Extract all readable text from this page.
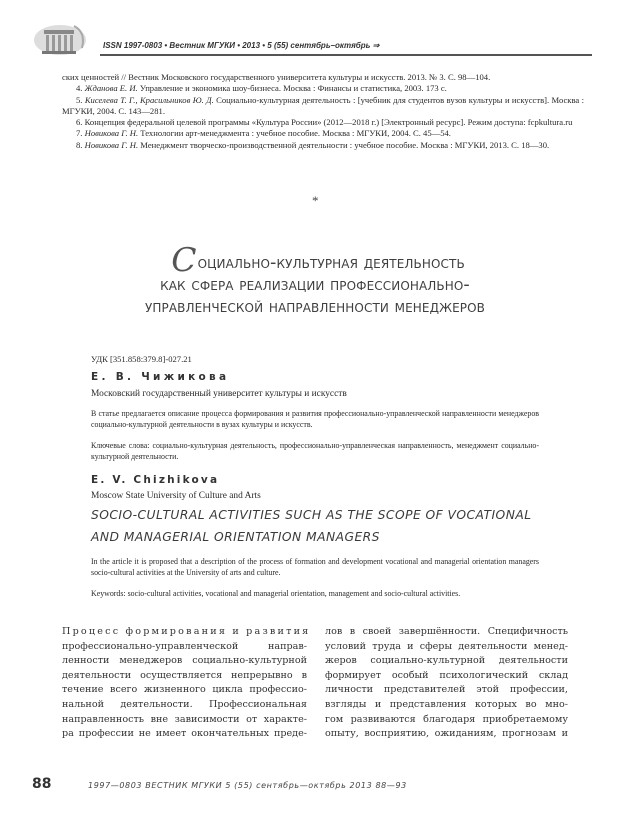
ISSN 1997-0803 • Вестник МГУКИ • 2013 • 5 (55) сентябрь–октябрь ⇒

ских ценностей // Вестник Московского государственного университета культуры и искусств. 2013. № 3. С. 98—104.

4. Жданова Е. И. Управление и экономика шоу-бизнеса. Москва : Финансы и статистика, 2003. 173 с.

5. Киселева Т. Г., Красильников Ю. Д. Социально-культурная деятельность : [учебник для студентов вузов культуры и искусств]. Москва : МГУКИ, 2004. С. 143—281.

6. Концепция федеральной целевой программы «Культура России» (2012—2018 г.) [Электронный ресурс]. Режим доступа: fcpkultura.ru

7. Новикова Г. Н. Технологии арт-менеджмента : учебное пособие. Москва : МГУКИ, 2004. С. 45—54.

8. Новикова Г. Н. Менеджмент творческо-производственной деятельности : учебное пособие. Москва : МГУКИ, 2013. С. 18—30.

*
Социально-культурная деятельность
как сфера реализации профессионально-
управленческой направленности менеджеров
УДК [351.858:379.8]-027.21
Е. В. Чижикова
Московский государственный университет культуры и искусств
В статье предлагается описание процесса формирования и развития профессионально-управленческой направленности менеджеров социально-культурной деятельности в вузах культуры и искусств.
Ключевые слова: социально-культурная деятельность, профессионально-управленческая направленность, менеджмент социально-культурной деятельности.
E. V. Chizhikova
Moscow State University of Culture and Arts
SOCIO-CULTURAL ACTIVITIES SUCH AS THE SCOPE OF VOCATIONAL AND MANAGERIAL ORIENTATION MANAGERS
In the article it is proposed that a description of the process of formation and development vocational and managerial orientation managers socio-cultural activities at the University of arts and culture.
Keywords: socio-cultural activities, vocational and managerial orientation, management and socio-cultural activities.
Процесс формирования и развития
профессионально-управленческой направ-
ленности менеджеров социально-культурной
деятельности осуществляется непрерывно в
течение всего жизненного цикла профессио-
нальной деятельности. Профессиональная
направленность вне зависимости от характе-
ра профессии не имеет окончательных преде-
лов в своей завершённости. Специфичность
условий труда и сферы деятельности менед-
жеров социально-культурной деятельности
формирует особый психологический склад
личности представителей этой профессии,
взгляды и представления которых во мно-
гом развиваются благодаря приобретаемому
опыту, восприятию, ожиданиям, прогнозам и
88	1997—0803 ВЕСТНИК МГУКИ 5 (55) сентябрь—октябрь 2013 88—93
